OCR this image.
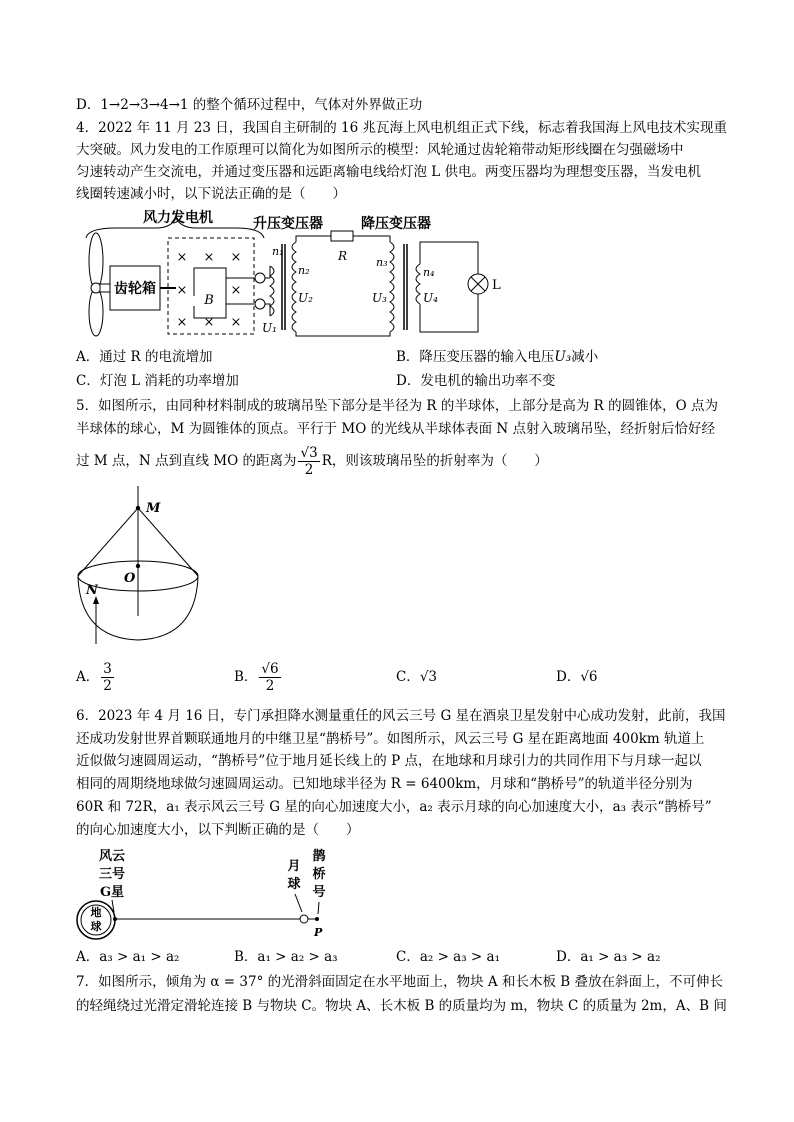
D．1→2→3→4→1 的整个循环过程中，气体对外界做正功
4．2022 年 11 月 23 日，我国自主研制的 16 兆瓦海上风电机组正式下线，标志着我国海上风电技术实现重
大突破。风力发电的工作原理可以简化为如图所示的模型：风轮通过齿轮箱带动矩形线圈在匀强磁场中
匀速转动产生交流电，并通过变压器和远距离输电线给灯泡 L 供电。两变压器均为理想变压器，当发电机
线圈转速减小时，以下说法正确的是（　　）
风力发电机	升压变压器	降压变压器
齿轮箱
× × ×
×	×
× × ×
B
n₁
U₁
n₂
U₂
R	n₃
U₃
n₄
U₄
L
A．通过 R 的电流增加	B．降压变压器的输入电压U₃减小
C．灯泡 L 消耗的功率增加	D．发电机的输出功率不变
5．如图所示，由同种材料制成的玻璃吊坠下部分是半径为 R 的半球体，上部分是高为 R 的圆锥体，O 点为
半球体的球心，M 为圆锥体的顶点。平行于 MO 的光线从半球体表面 N 点射入玻璃吊坠，经折射后恰好经
过 M 点，N 点到直线 MO 的距离为 $\frac{√3}{2}$ R，则该玻璃吊坠的折射率为（　　）
M
O
N
A． $\frac{3}{2}$	B． $\frac{√6}{2}$	C．√3	D．√6
6．2023 年 4 月 16 日，专门承担降水测量重任的风云三号 G 星在酒泉卫星发射中心成功发射，此前，我国
还成功发射世界首颗联通地月的中继卫星“鹊桥号”。如图所示，风云三号 G 星在距离地面 400km 轨道上
近似做匀速圆周运动，“鹊桥号”位于地月延长线上的 P 点，在地球和月球引力的共同作用下与月球一起以
相同的周期绕地球做匀速圆周运动。已知地球半径为 R = 6400km，月球和“鹊桥号”的轨道半径分别为
60R 和 72R，a₁ 表示风云三号 G 星的向心加速度大小，a₂ 表示月球的向心加速度大小，a₃ 表示“鹊桥号”
的向心加速度大小，以下判断正确的是（　　）
风云
三号
G星
月
球
鹊
桥
号
地
球	P
A．a₃ > a₁ > a₂	B．a₁ > a₂ > a₃	C．a₂ > a₃ > a₁	D．a₁ > a₃ > a₂
7．如图所示，倾角为 α = 37° 的光滑斜面固定在水平地面上，物块 A 和长木板 B 叠放在斜面上，不可伸长
的轻绳绕过光滑定滑轮连接 B 与物块 C。物块 A、长木板 B 的质量均为 m，物块 C 的质量为 2m，A、B 间
